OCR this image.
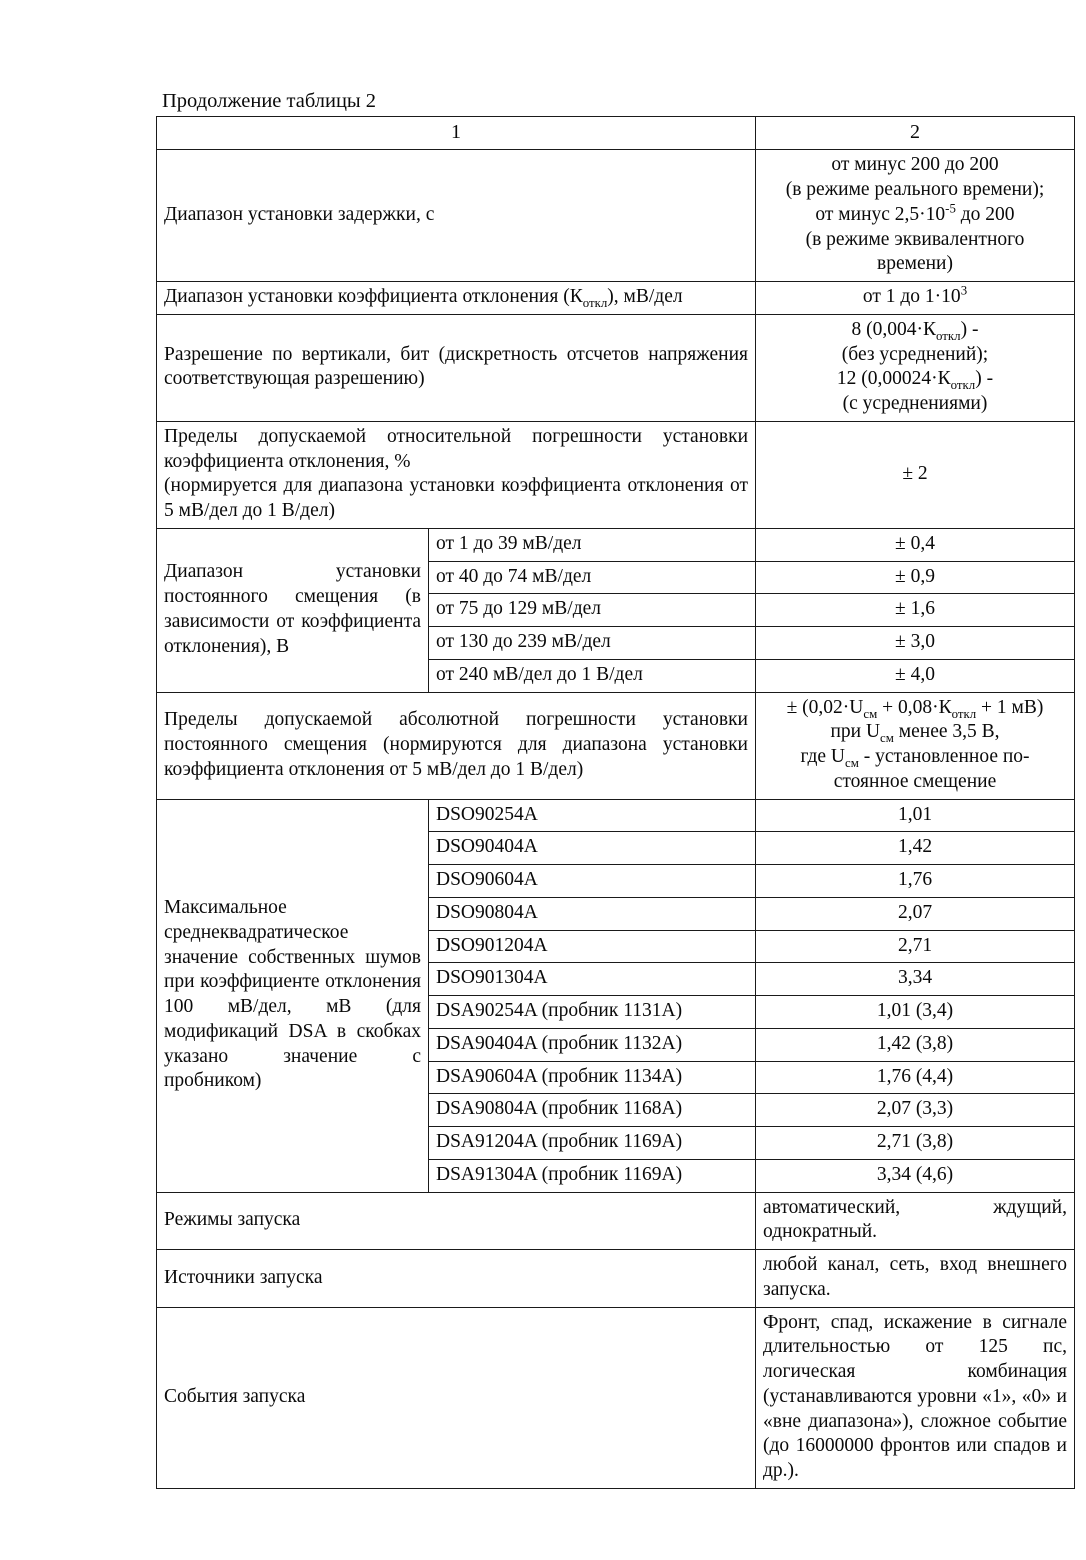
Продолжение таблицы 2
1		2
Диапазон установки задержки, с		от минус 200 до 200
(в режиме реального времени);
от минус $2,5\cdot 10^{-5}$ до 200
(в режиме эквивалентного
времени)

Диапазон установки коэффициента отклонения $(К_{откл})$, мВ/дел		от 1 до $1\cdot 10^3$
Разрешение по вертикали, бит (дискретность отсчетов напряжения соответствующая разрешению)		8 $(0,004\cdot К_{откл})$ -
(без усреднений);
12 $(0,00024\cdot К_{откл})$ -
(с усреднениями)

Пределы допускаемой относительной погрешности установки коэффициента отклонения, %
(нормируется для диапазона установки коэффициента отклонения от 5 мВ/дел до 1 В/дел)		± 2
Диапазон установки постоянного смещения (в зависимости от коэффициента отклонения), В	от 1 до 39 мВ/дел	± 0,4
	от 40 до 74 мВ/дел	± 0,9
	от 75 до 129 мВ/дел	± 1,6
	от 130 до 239 мВ/дел	± 3,0
	от 240 мВ/дел до 1 В/дел	± 4,0
Пределы допускаемой абсолютной погрешности установки постоянного смещения (нормируются для диапазона установки коэффициента отклонения от 5 мВ/дел до 1 В/дел)		± ($0,02\cdot U_{см} + 0,08\cdot К_{откл} + 1$ мВ)
при $U_{см}$ менее 3,5 В,
где $U_{см}$ - установленное по-
стоянное смещение

Максимальное среднеквадратическое значение собственных шумов при коэффициенте отклонения 100 мВ/дел, мВ (для модификаций DSA в скобках указано значение с пробником)	DSO90254A	1,01
	DSO90404A	1,42
	DSO90604A	1,76
	DSO90804A	2,07
	DSO901204A	2,71
	DSO901304A	3,34
	DSA90254A (пробник 1131A)	1,01 (3,4)
	DSA90404A (пробник 1132A)	1,42 (3,8)
	DSA90604A (пробник 1134A)	1,76 (4,4)
	DSA90804A (пробник 1168A)	2,07 (3,3)
	DSA91204A (пробник 1169A)	2,71 (3,8)
	DSA91304A (пробник 1169A)	3,34 (4,6)
Режимы запуска		автоматический, ждущий, однократный.
Источники запуска		любой канал, сеть, вход внешнего запуска.
События запуска		Фронт, спад, искажение в сигнале длительностью от 125 пс, логическая комбинация (устанавливаются уровни «1», «0» и «вне диапазона»), сложное событие (до 16000000 фронтов или спадов и др.).
